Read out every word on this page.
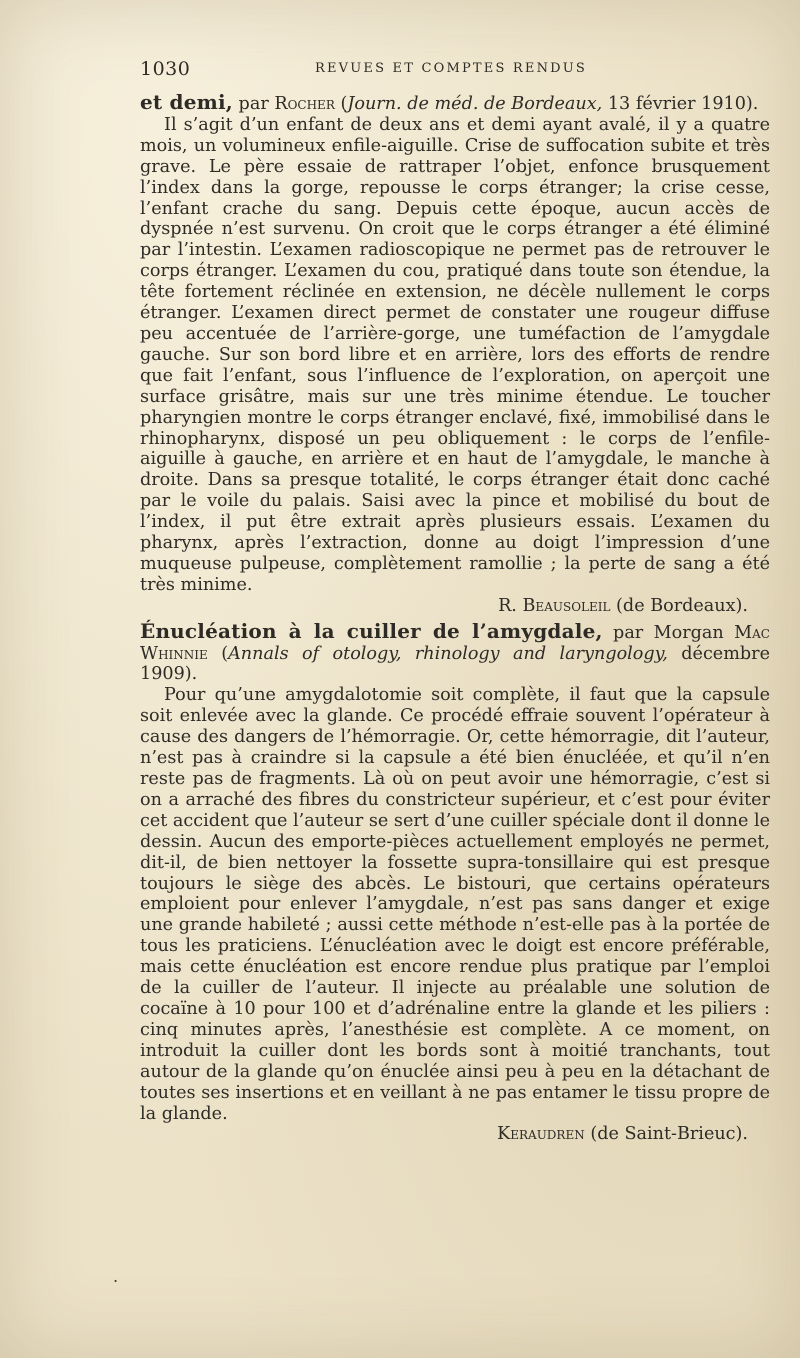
1030	REVUES ET COMPTES RENDUS
.

et demi, par Rocher (Journ. de méd. de Bordeaux, 13 février 1910).

Il s’agit d’un enfant de deux ans et demi ayant avalé, il y a quatre mois, un volumineux enfile-aiguille. Crise de suffocation subite et très grave. Le père essaie de rattraper l’objet, enfonce brusquement l’index dans la gorge, repousse le corps étranger; la crise cesse, l’enfant crache du sang. Depuis cette époque, aucun accès de dyspnée n’est survenu. On croit que le corps étranger a été éliminé par l’intestin. L’examen radioscopique ne permet pas de retrouver le corps étranger. L’examen du cou, pratiqué dans toute son étendue, la tête fortement réclinée en extension, ne décèle nullement le corps étranger. L’examen direct permet de constater une rougeur diffuse peu accentuée de l’arrière-gorge, une tuméfaction de l’amygdale gauche. Sur son bord libre et en arrière, lors des efforts de rendre que fait l’enfant, sous l’influence de l’exploration, on aperçoit une surface grisâtre, mais sur une très minime étendue. Le toucher pharyngien montre le corps étranger enclavé, fixé, immobilisé dans le rhinopharynx, disposé un peu obliquement : le corps de l’enfile-aiguille à gauche, en arrière et en haut de l’amygdale, le manche à droite. Dans sa presque totalité, le corps étranger était donc caché par le voile du palais. Saisi avec la pince et mobilisé du bout de l’index, il put être extrait après plusieurs essais. L’examen du pharynx, après l’extraction, donne au doigt l’impression d’une muqueuse pulpeuse, complètement ramollie ; la perte de sang a été très minime.

R. Beausoleil (de Bordeaux).

Énucléation à la cuiller de l’amygdale, par Morgan Mac Whinnie (Annals of otology, rhinology and laryngology, décembre 1909).

Pour qu’une amygdalotomie soit complète, il faut que la capsule soit enlevée avec la glande. Ce procédé effraie souvent l’opérateur à cause des dangers de l’hémorragie. Or, cette hémorragie, dit l’auteur, n’est pas à craindre si la capsule a été bien énucléée, et qu’il n’en reste pas de fragments. Là où on peut avoir une hémorragie, c’est si on a arraché des fibres du constricteur supérieur, et c’est pour éviter cet accident que l’auteur se sert d’une cuiller spéciale dont il donne le dessin. Aucun des emporte-pièces actuellement employés ne permet, dit-il, de bien nettoyer la fossette supra-tonsillaire qui est presque toujours le siège des abcès. Le bistouri, que certains opérateurs emploient pour enlever l’amygdale, n’est pas sans danger et exige une grande habileté ; aussi cette méthode n’est-elle pas à la portée de tous les praticiens. L’énucléation avec le doigt est encore préférable, mais cette énucléation est encore rendue plus pratique par l’emploi de la cuiller de l’auteur. Il injecte au préalable une solution de cocaïne à 10 pour 100 et d’adrénaline entre la glande et les piliers : cinq minutes après, l’anesthésie est complète. A ce moment, on introduit la cuiller dont les bords sont à moitié tranchants, tout autour de la glande qu’on énuclée ainsi peu à peu en la détachant de toutes ses insertions et en veillant à ne pas entamer le tissu propre de la glande.

Keraudren (de Saint-Brieuc).
